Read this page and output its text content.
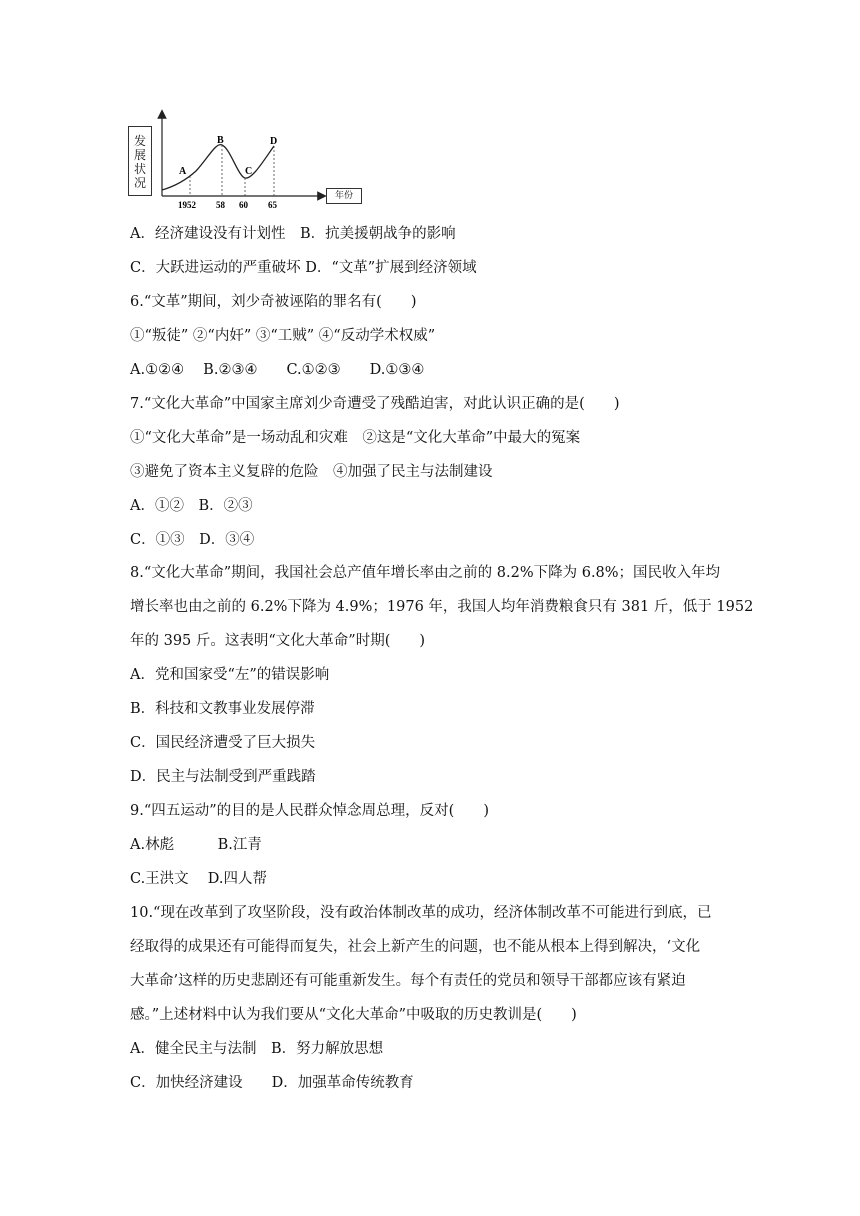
发
展
状
况
A
B
C
D
1952 58 60 65
年份
A．经济建设没有计划性　B．抗美援朝战争的影响
C．大跃进运动的严重破坏 D．“文革”扩展到经济领域
6.“文革”期间，刘少奇被诬陷的罪名有(　　)
①“叛徒” ②“内奸” ③“工贼” ④“反动学术权威”
A.①②④　 B.②③④　　C.①②③　　D.①③④
7.“文化大革命”中国家主席刘少奇遭受了残酷迫害，对此认识正确的是(　　)
①“文化大革命”是一场动乱和灾难　②这是“文化大革命”中最大的冤案
③避免了资本主义复辟的危险　④加强了民主与法制建设
A．①②　B．②③
C．①③　D．③④
8.“文化大革命”期间，我国社会总产值年增长率由之前的 8.2%下降为 6.8%；国民收入年均
增长率也由之前的 6.2%下降为 4.9%；1976 年，我国人均年消费粮食只有 381 斤，低于 1952
年的 395 斤。这表明“文化大革命”时期(　　)
A．党和国家受“左”的错误影响
B．科技和文教事业发展停滞
C．国民经济遭受了巨大损失
D．民主与法制受到严重践踏
9.“四五运动”的目的是人民群众悼念周总理，反对(　　)
A.林彪　　　B.江青
C.王洪文　 D.四人帮
10.“现在改革到了攻坚阶段，没有政治体制改革的成功，经济体制改革不可能进行到底，已
经取得的成果还有可能得而复失，社会上新产生的问题，也不能从根本上得到解决，‘文化
大革命’这样的历史悲剧还有可能重新发生。每个有责任的党员和领导干部都应该有紧迫
感。”上述材料中认为我们要从“文化大革命”中吸取的历史教训是(　　)
A．健全民主与法制　B．努力解放思想
C．加快经济建设　　D．加强革命传统教育
